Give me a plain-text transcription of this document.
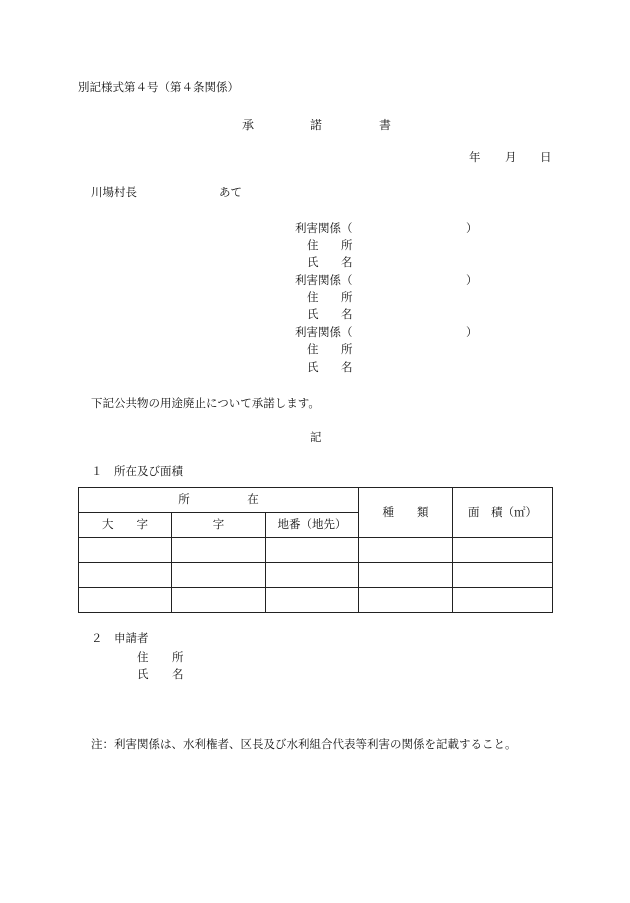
別記様式第４号（第４条関係）
承	諾	書
年 月 日
川場村長	あて
利害関係（	）
住 所
氏 名
利害関係（	）
住 所
氏 名
利害関係（	）
住 所
氏 名
下記公共物の用途廃止について承諾します。
記
１　所在及び面積
所　　　　　在			種　　類	面　積（㎡）
大　　字	字	地番（地先）		

２　申請者
住 所
氏 名
注：利害関係は、水利権者、区長及び水利組合代表等利害の関係を記載すること。
